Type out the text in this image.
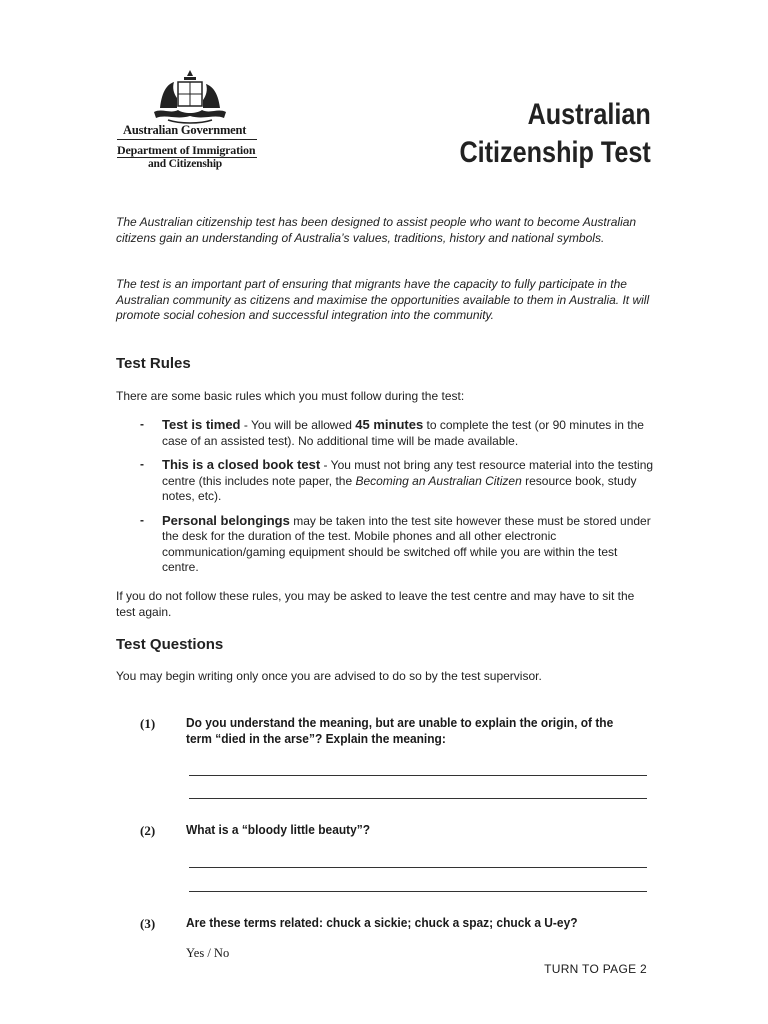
Australian Government
Department of Immigration
and Citizenship
Australian
Citizenship Test
The Australian citizenship test has been designed to assist people who want to become Australian citizens gain an understanding of Australia’s values, traditions, history and national symbols.
The test is an important part of ensuring that migrants have the capacity to fully participate in the Australian community as citizens and maximise the opportunities available to them in Australia. It will promote social cohesion and successful integration into the community.
Test Rules
There are some basic rules which you must follow during the test:
- Test is timed - You will be allowed 45 minutes to complete the test (or 90 minutes in the case of an assisted test). No additional time will be made available.
- This is a closed book test - You must not bring any test resource material into the testing centre (this includes note paper, the Becoming an Australian Citizen resource book, study notes, etc).
- Personal belongings may be taken into the test site however these must be stored under the desk for the duration of the test. Mobile phones and all other electronic communication/gaming equipment should be switched off while you are within the test centre.
If you do not follow these rules, you may be asked to leave the test centre and may have to sit the test again.
Test Questions
You may begin writing only once you are advised to do so by the test supervisor.
(1) Do you understand the meaning, but are unable to explain the origin, of the term “died in the arse”? Explain the meaning:
(2) What is a “bloody little beauty”?
(3) Are these terms related: chuck a sickie; chuck a spaz; chuck a U-ey?
Yes / No
TURN TO PAGE 2
